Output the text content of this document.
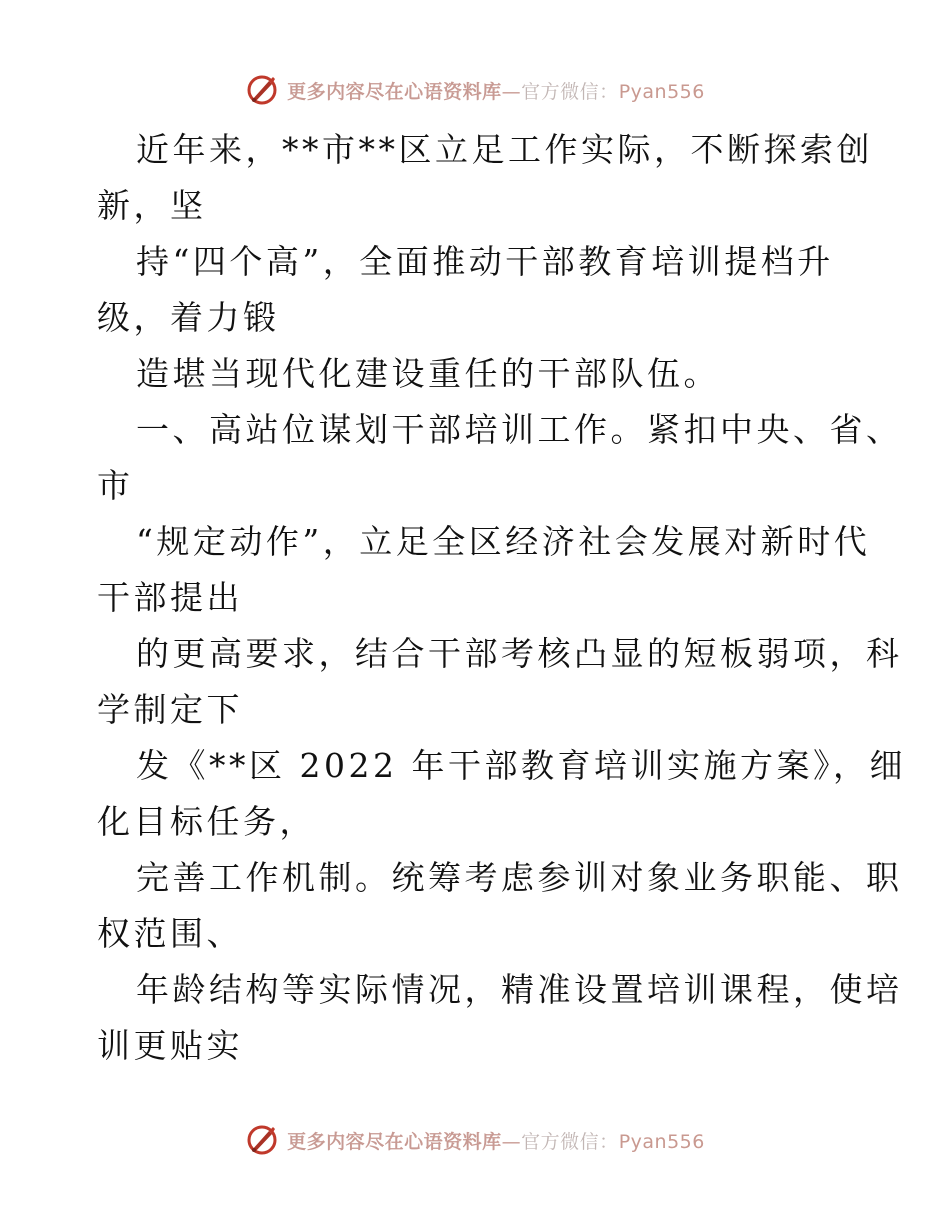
更多内容尽在心语资料库—官方微信：Pyan556
近年来，**市**区立足工作实际，不断探索创
新，坚
持“四个高”，全面推动干部教育培训提档升
级，着力锻
造堪当现代化建设重任的干部队伍。
一、高站位谋划干部培训工作。紧扣中央、省、
市
“规定动作”，立足全区经济社会发展对新时代
干部提出
的更高要求，结合干部考核凸显的短板弱项，科
学制定下
发《**区 2022 年干部教育培训实施方案》，细
化目标任务，
完善工作机制。统筹考虑参训对象业务职能、职
权范围、
年龄结构等实际情况，精准设置培训课程，使培
训更贴实
更多内容尽在心语资料库—官方微信：Pyan556
